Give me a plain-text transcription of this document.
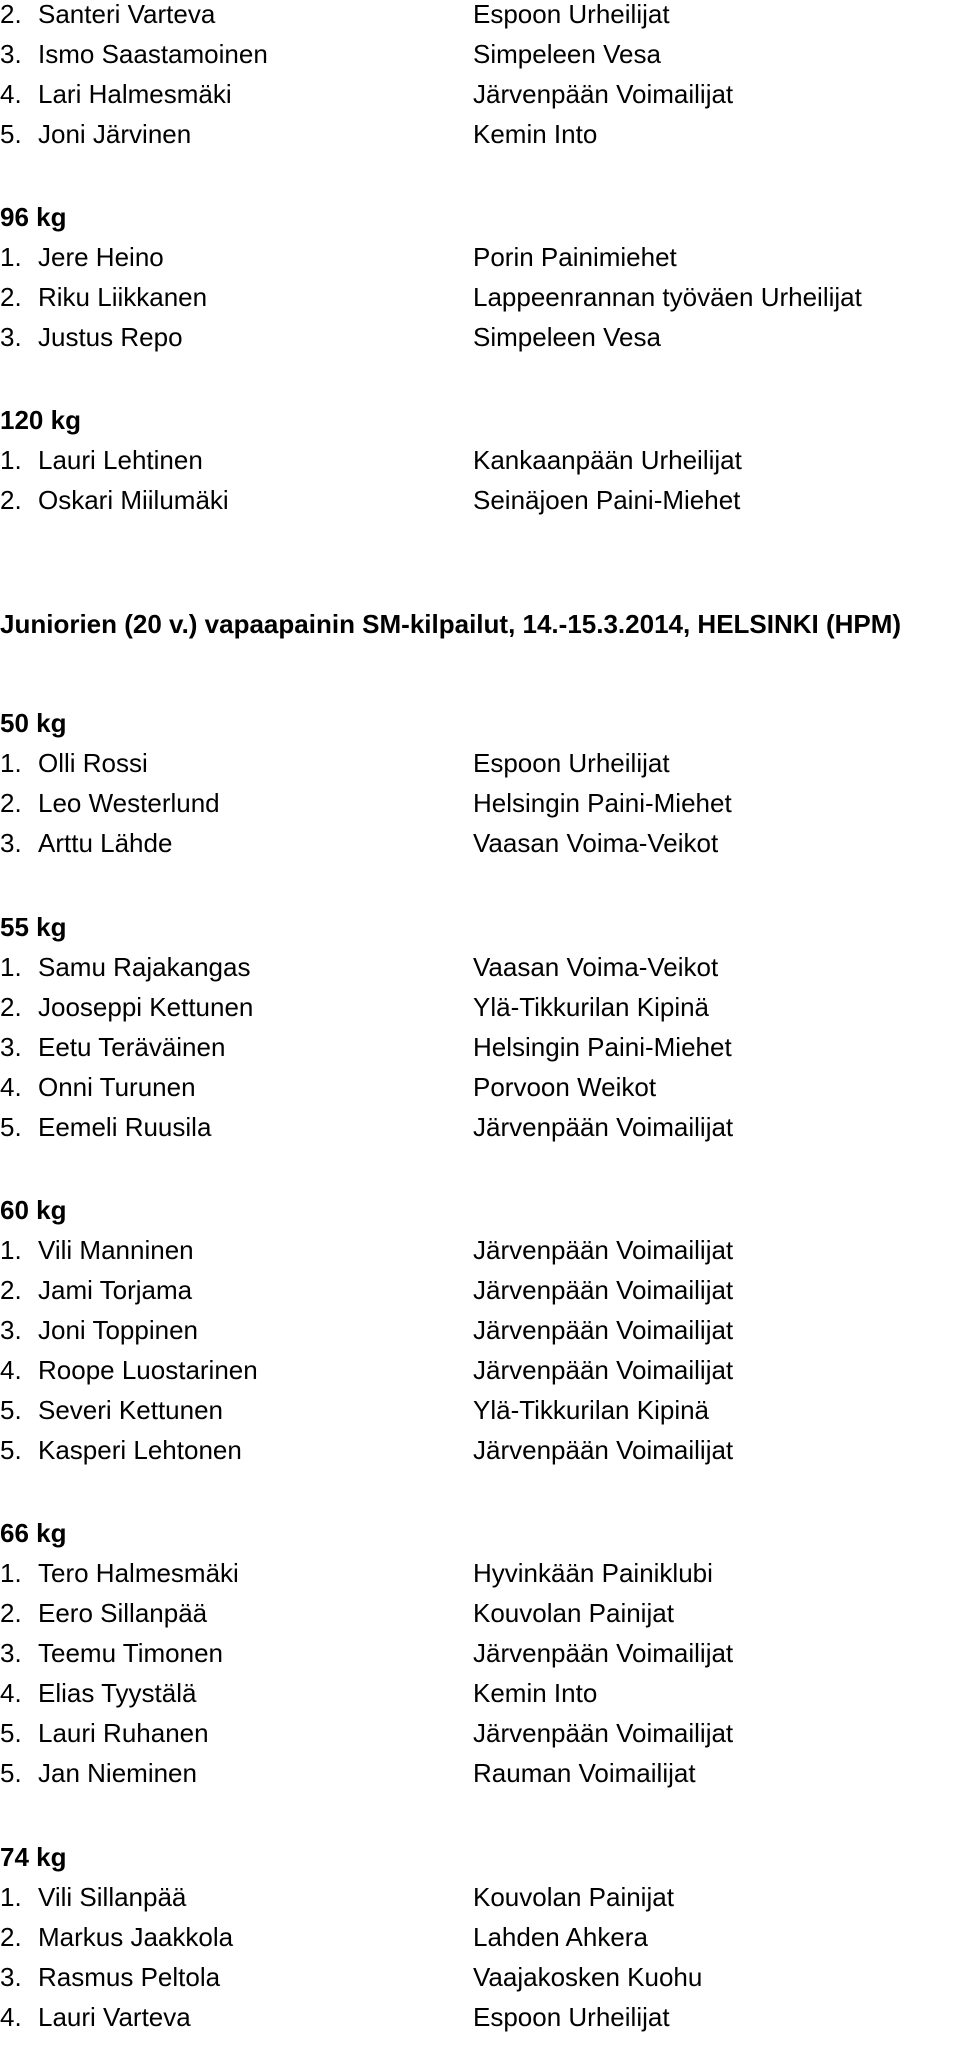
2. Santeri Varteva	Espoon Urheilijat
3. Ismo Saastamoinen	Simpeleen Vesa
4. Lari Halmesmäki	Järvenpään Voimailijat
5. Joni Järvinen	Kemin Into
96 kg
1. Jere Heino	Porin Painimiehet
2. Riku Liikkanen	Lappeenrannan työväen Urheilijat
3. Justus Repo	Simpeleen Vesa
120 kg
1. Lauri Lehtinen	Kankaanpään Urheilijat
2. Oskari Miilumäki	Seinäjoen Paini-Miehet
Juniorien (20 v.) vapaapainin SM-kilpailut, 14.-15.3.2014, HELSINKI (HPM)
50 kg
1. Olli Rossi	Espoon Urheilijat
2. Leo Westerlund	Helsingin Paini-Miehet
3. Arttu Lähde	Vaasan Voima-Veikot
55 kg
1. Samu Rajakangas	Vaasan Voima-Veikot
2. Jooseppi Kettunen	Ylä-Tikkurilan Kipinä
3. Eetu Teräväinen	Helsingin Paini-Miehet
4. Onni Turunen	Porvoon Weikot
5. Eemeli Ruusila	Järvenpään Voimailijat
60 kg
1. Vili Manninen	Järvenpään Voimailijat
2. Jami Torjama	Järvenpään Voimailijat
3. Joni Toppinen	Järvenpään Voimailijat
4. Roope Luostarinen	Järvenpään Voimailijat
5. Severi Kettunen	Ylä-Tikkurilan Kipinä
5. Kasperi Lehtonen	Järvenpään Voimailijat
66 kg
1. Tero Halmesmäki	Hyvinkään Painiklubi
2. Eero Sillanpää	Kouvolan Painijat
3. Teemu Timonen	Järvenpään Voimailijat
4. Elias Tyystälä	Kemin Into
5. Lauri Ruhanen	Järvenpään Voimailijat
5. Jan Nieminen	Rauman Voimailijat
74 kg
1. Vili Sillanpää	Kouvolan Painijat
2. Markus Jaakkola	Lahden Ahkera
3. Rasmus Peltola	Vaajakosken Kuohu
4. Lauri Varteva	Espoon Urheilijat
